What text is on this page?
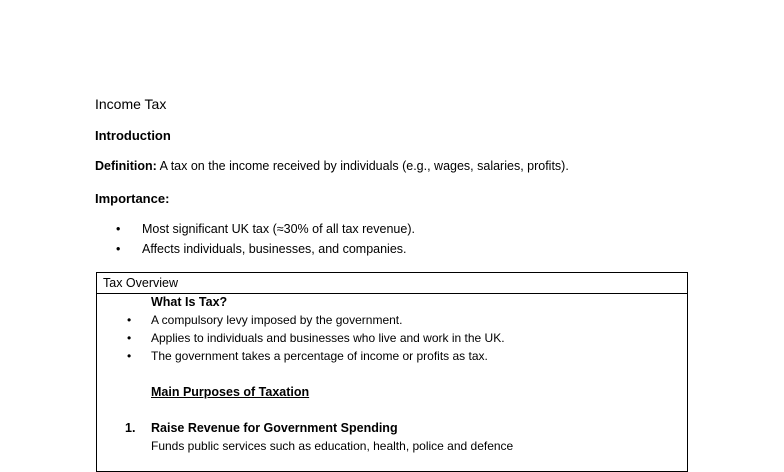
Income Tax
Introduction
Definition: A tax on the income received by individuals (e.g., wages, salaries, profits).
Importance:
• Most significant UK tax (≈30% of all tax revenue).
• Affects individuals, businesses, and companies.
Tax Overview
What Is Tax?
• A compulsory levy imposed by the government.
• Applies to individuals and businesses who live and work in the UK.
• The government takes a percentage of income or profits as tax.
Main Purposes of Taxation
1. Raise Revenue for Government Spending
Funds public services such as education, health, police and defence
